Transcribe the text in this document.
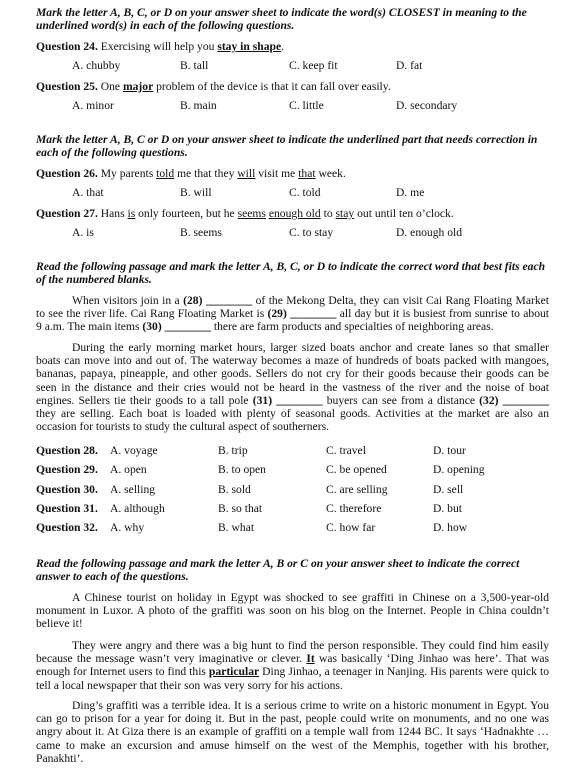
Mark the letter A, B, C, or D on your answer sheet to indicate the word(s) CLOSEST in meaning to the underlined word(s) in each of the following questions.
Question 24. Exercising will help you stay in shape.
A. chubby	B. tall	C. keep fit	D. fat
Question 25. One major problem of the device is that it can fall over easily.
A. minor	B. main	C. little	D. secondary
Mark the letter A, B, C or D on your answer sheet to indicate the underlined part that needs correction in each of the following questions.
Question 26. My parents told me that they will visit me that week.
A. that	B. will	C. told	D. me
Question 27. Hans is only fourteen, but he seems enough old to stay out until ten o’clock.
A. is	B. seems	C. to stay	D. enough old
Read the following passage and mark the letter A, B, C, or D to indicate the correct word that best fits each of the numbered blanks.
When visitors join in a (28) ________ of the Mekong Delta, they can visit Cai Rang Floating Market to see the river life. Cai Rang Floating Market is (29) ________ all day but it is busiest from sunrise to about 9 a.m. The main items (30) ________ there are farm products and specialties of neighboring areas.
During the early morning market hours, larger sized boats anchor and create lanes so that smaller boats can move into and out of. The waterway becomes a maze of hundreds of boats packed with mangoes, bananas, papaya, pineapple, and other goods. Sellers do not cry for their goods because their goods can be seen in the distance and their cries would not be heard in the vastness of the river and the noise of boat engines. Sellers tie their goods to a tall pole (31) ________ buyers can see from a distance (32) ________ they are selling. Each boat is loaded with plenty of seasonal goods. Activities at the market are also an occasion for tourists to study the cultural aspect of southerners.
Question 28. A. voyage	B. trip	C. travel	D. tour
Question 29. A. open	B. to open	C. be opened	D. opening
Question 30. A. selling	B. sold	C. are selling	D. sell
Question 31. A. although	B. so that	C. therefore	D. but
Question 32. A. why	B. what	C. how far	D. how
Read the following passage and mark the letter A, B or C on your answer sheet to indicate the correct answer to each of the questions.
A Chinese tourist on holiday in Egypt was shocked to see graffiti in Chinese on a 3,500-year-old monument in Luxor. A photo of the graffiti was soon on his blog on the Internet. People in China couldn’t believe it!
They were angry and there was a big hunt to find the person responsible. They could find him easily because the message wasn’t very imaginative or clever. It was basically ‘Ding Jinhao was here’. That was enough for Internet users to find this particular Ding Jinhao, a teenager in Nanjing. His parents were quick to tell a local newspaper that their son was very sorry for his actions.
Ding’s graffiti was a terrible idea. It is a serious crime to write on a historic monument in Egypt. You can go to prison for a year for doing it. But in the past, people could write on monuments, and no one was angry about it. At Giza there is an example of graffiti on a temple wall from 1244 BC. It says ‘Hadnakhte … came to make an excursion and amuse himself on the west of the Memphis, together with his brother, Panakhti’.
